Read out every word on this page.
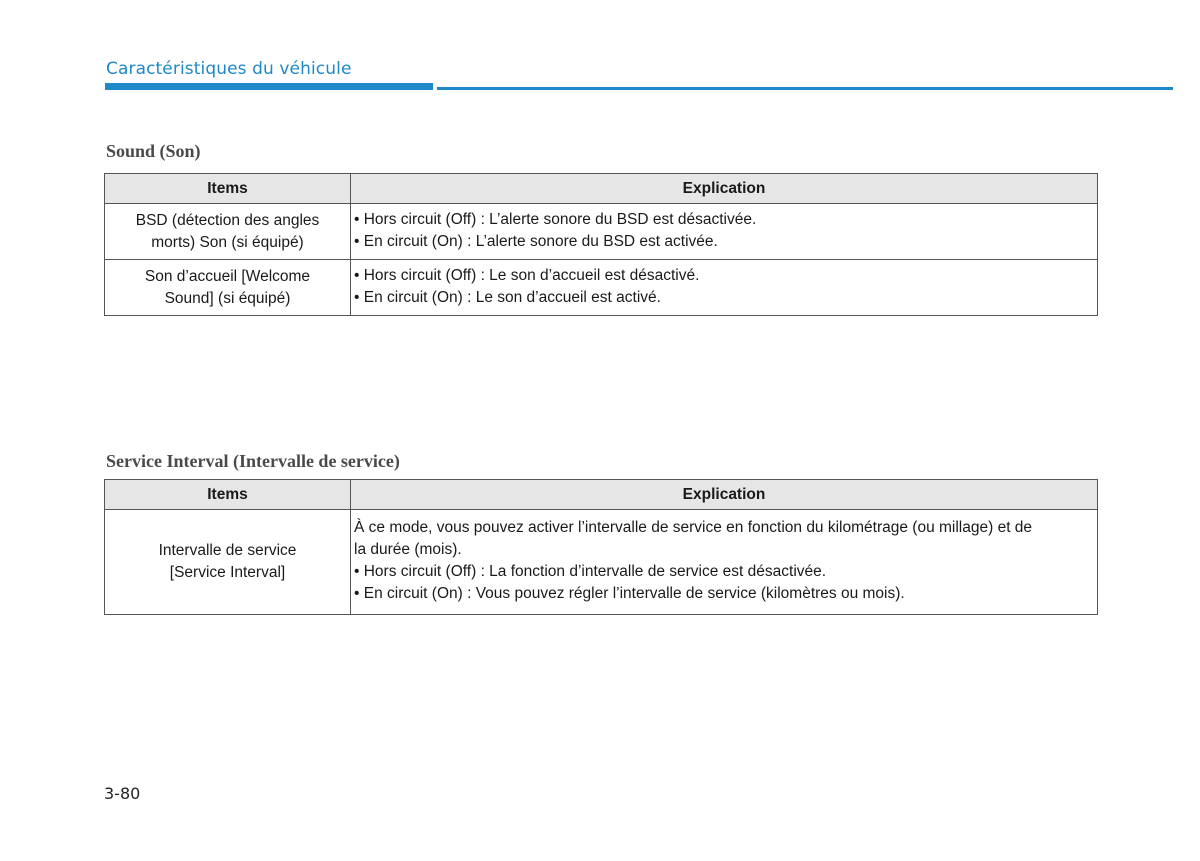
Caractéristiques du véhicule
Sound (Son)
Items	Explication

BSD (détection des angles
morts) Son (si équipé)	• Hors circuit (Off) : L’alerte sonore du BSD est désactivée.
• En circuit (On) : L’alerte sonore du BSD est activée.

Son d’accueil [Welcome
Sound] (si équipé)	• Hors circuit (Off) : Le son d’accueil est désactivé.
• En circuit (On) : Le son d’accueil est activé.
Service Interval (Intervalle de service)
Items	Explication

Intervalle de service
[Service Interval]	À ce mode, vous pouvez activer l’intervalle de service en fonction du kilométrage (ou millage) et de
la durée (mois).
• Hors circuit (Off) : La fonction d’intervalle de service est désactivée.
• En circuit (On) : Vous pouvez régler l’intervalle de service (kilomètres ou mois).
3-80
